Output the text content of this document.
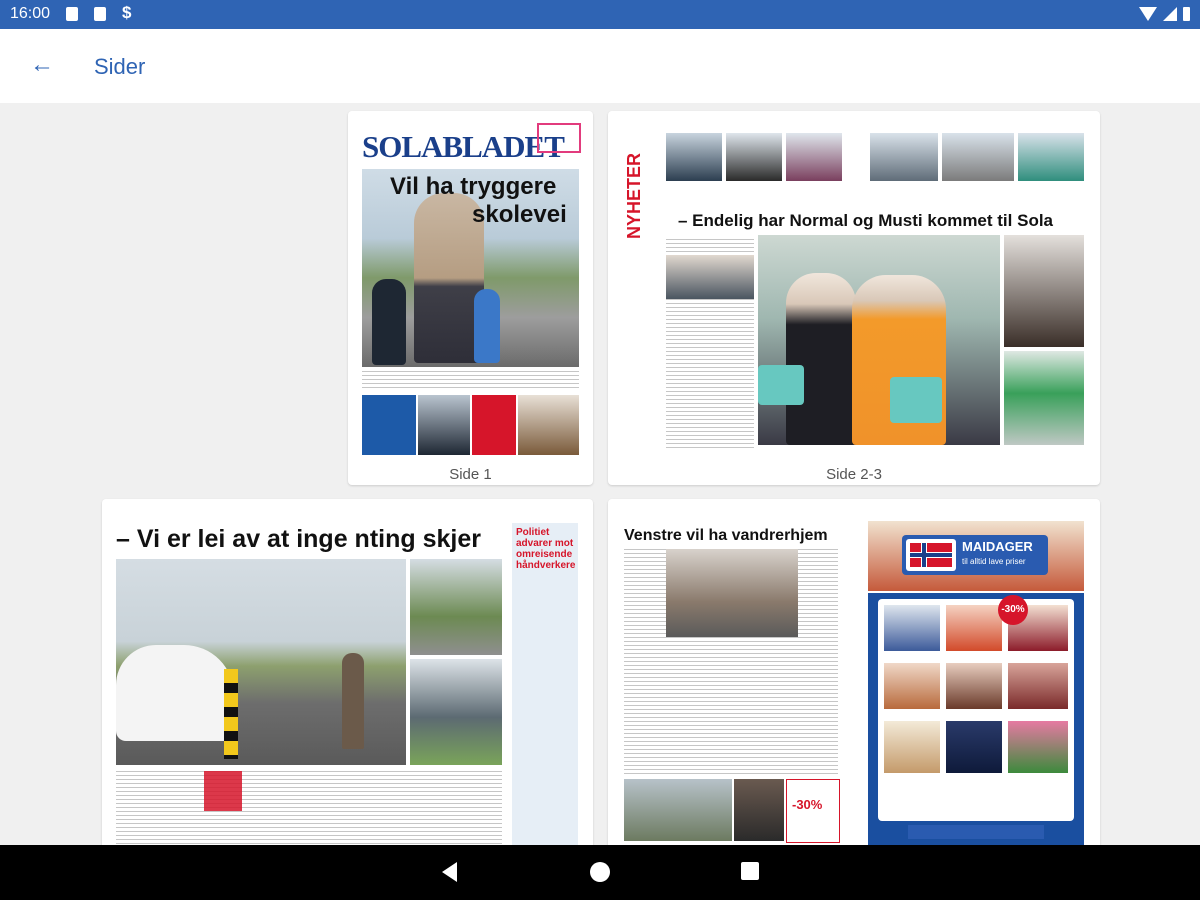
16:00	$
← Sider
SOLABLADET
Vil ha tryggere
skolevei
Side 1
NYHETER – Endelig har Normal og Musti kommet til Sola
Side 2-3
– Vi er lei av at inge nting skjer	Politiet advarer mot omreisende håndverkere
Venstre vil ha vandrerhjem
-30%
MAIDAGER
til alltid lave priser
-30%
